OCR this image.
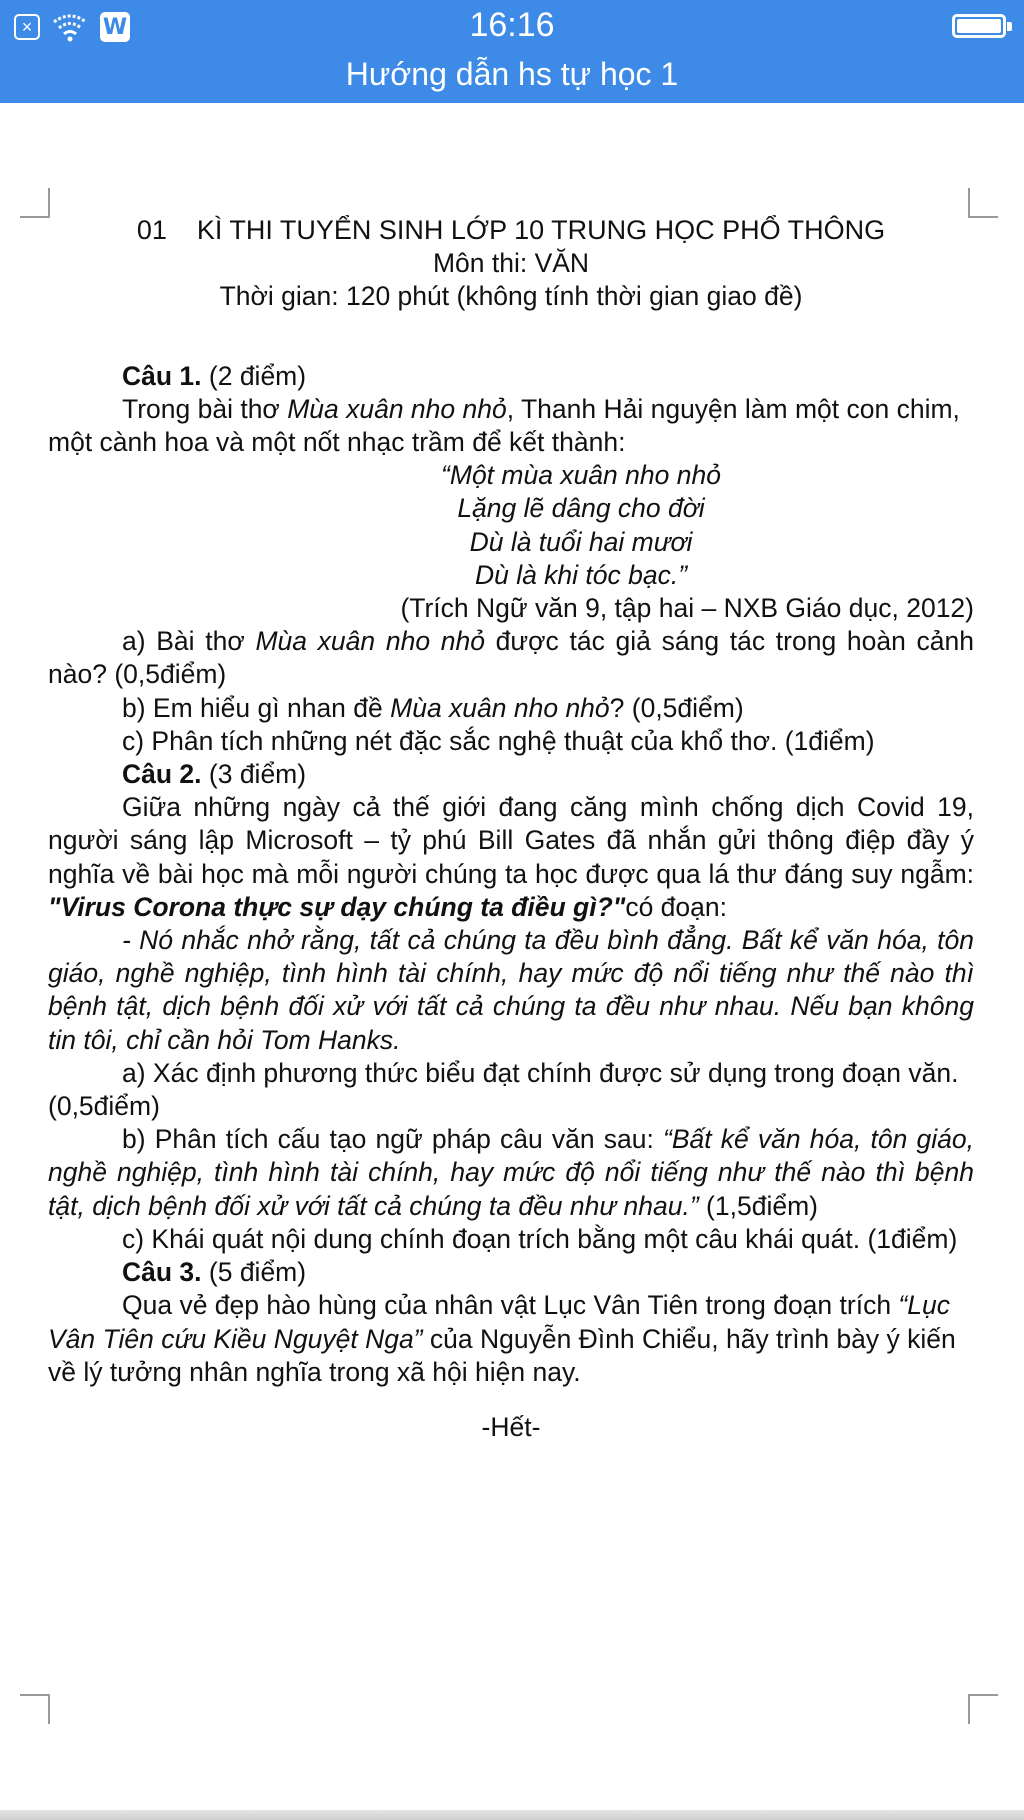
×	W	16:16
Hướng dẫn hs tự học 1

01    KÌ THI TUYỂN SINH LỚP 10 TRUNG HỌC PHỔ THÔNG

Môn thi: VĂN

Thời gian: 120 phút (không tính thời gian giao đề)

Câu 1. (2 điểm)

Trong bài thơ Mùa xuân nho nhỏ, Thanh Hải nguyện làm một con chim, một cành hoa và một nốt nhạc trầm để kết thành:

“Một mùa xuân nho nhỏ

Lặng lẽ dâng cho đời

Dù là tuổi hai mươi

Dù là khi tóc bạc.”

(Trích Ngữ văn 9, tập hai – NXB Giáo dục, 2012)

a) Bài thơ Mùa xuân nho nhỏ được tác giả sáng tác trong hoàn cảnh nào? (0,5điểm)

b) Em hiểu gì nhan đề Mùa xuân nho nhỏ? (0,5điểm)

c) Phân tích những nét đặc sắc nghệ thuật của khổ thơ. (1điểm)

Câu 2. (3 điểm)

Giữa những ngày cả thế giới đang căng mình chống dịch Covid 19, người sáng lập Microsoft – tỷ phú Bill Gates đã nhắn gửi thông điệp đầy ý nghĩa về bài học mà mỗi người chúng ta học được qua lá thư đáng suy ngẫm: "Virus Corona thực sự dạy chúng ta điều gì?"có đoạn:

- Nó nhắc nhở rằng, tất cả chúng ta đều bình đẳng. Bất kể văn hóa, tôn giáo, nghề nghiệp, tình hình tài chính, hay mức độ nổi tiếng như thế nào thì bệnh tật, dịch bệnh đối xử với tất cả chúng ta đều như nhau. Nếu bạn không tin tôi, chỉ cần hỏi Tom Hanks.

a) Xác định phương thức biểu đạt chính được sử dụng trong đoạn văn. (0,5điểm)

b) Phân tích cấu tạo ngữ pháp câu văn sau: “Bất kể văn hóa, tôn giáo, nghề nghiệp, tình hình tài chính, hay mức độ nổi tiếng như thế nào thì bệnh tật, dịch bệnh đối xử với tất cả chúng ta đều như nhau.” (1,5điểm)

c) Khái quát nội dung chính đoạn trích bằng một câu khái quát. (1điểm)

Câu 3. (5 điểm)

Qua vẻ đẹp hào hùng của nhân vật Lục Vân Tiên trong đoạn trích “Lục Vân Tiên cứu Kiều Nguyệt Nga” của Nguyễn Đình Chiểu, hãy trình bày ý kiến về lý tưởng nhân nghĩa trong xã hội hiện nay.

-Hết-
